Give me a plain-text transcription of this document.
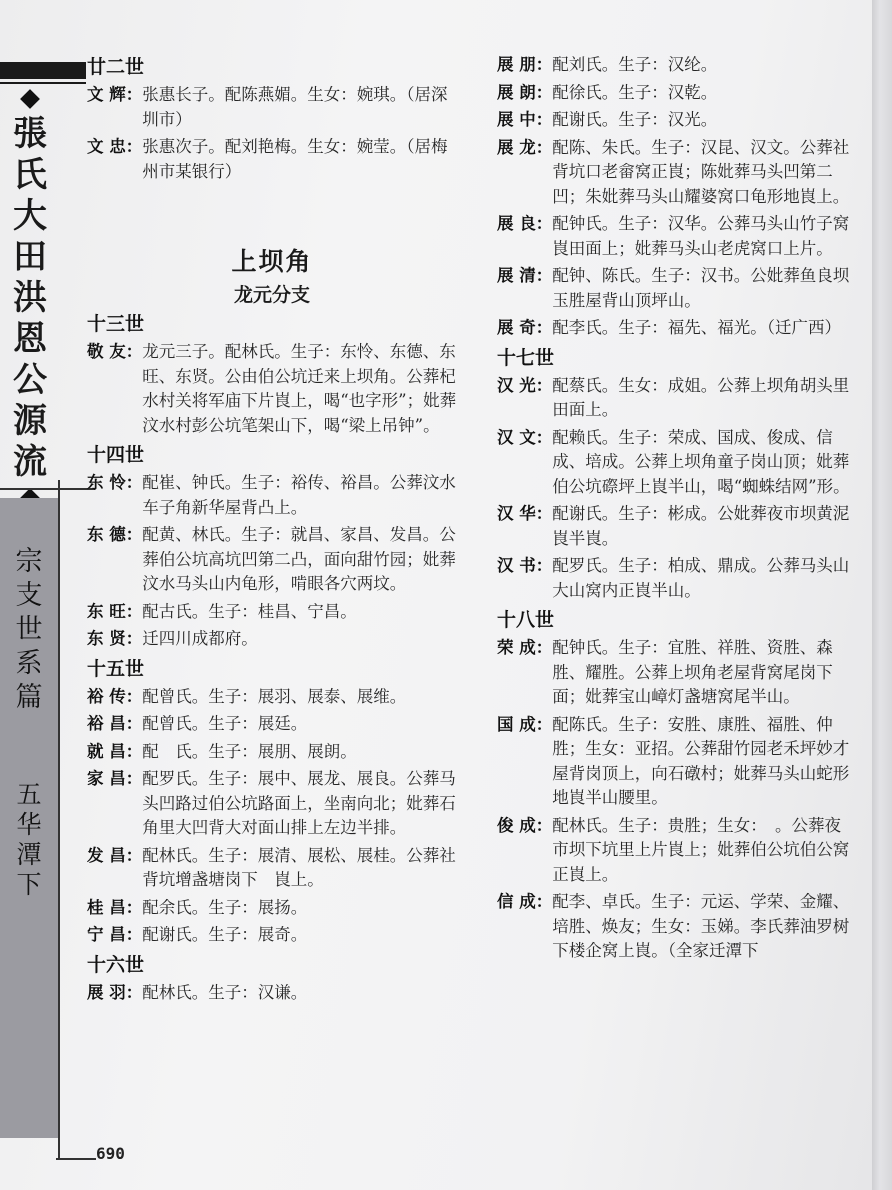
張
氏
大
田
洪
恩
公
源
流
宗
支
世
系
篇
五
华
潭
下
690
廿二世
文 辉： 张惠长子。配陈燕媚。生女：婉琪。（居深圳市）
文 忠： 张惠次子。配刘艳梅。生女：婉莹。（居梅州市某银行）
上坝角
龙元分支
十三世
敬 友： 龙元三子。配林氏。生子：东怜、东德、东旺、东贤。公由伯公坑迁来上坝角。公葬杞水村关将军庙下片崀上，喝“也字形”；妣葬汶水村彭公坑笔架山下，喝“梁上吊钟”。
十四世
东 怜： 配崔、钟氏。生子：裕传、裕昌。公葬汶水车子角新华屋背凸上。
东 德： 配黄、林氏。生子：就昌、家昌、发昌。公葬伯公坑高坑凹第二凸，面向甜竹园；妣葬汶水马头山内龟形，啃眼各穴两坟。
东 旺： 配古氏。生子：桂昌、宁昌。
东 贤： 迁四川成都府。
十五世
裕 传： 配曾氏。生子：展羽、展泰、展维。
裕 昌： 配曾氏。生子：展廷。
就 昌： 配　氏。生子：展朋、展朗。
家 昌： 配罗氏。生子：展中、展龙、展良。公葬马头凹路过伯公坑路面上，坐南向北；妣葬石角里大凹背大对面山排上左边半排。
发 昌： 配林氏。生子：展清、展松、展桂。公葬社背坑增盏塘岗下　崀上。
桂 昌： 配余氏。生子：展扬。
宁 昌： 配谢氏。生子：展奇。
十六世
展 羽： 配林氏。生子：汉谦。
展 朋： 配刘氏。生子：汉纶。
展 朗： 配徐氏。生子：汉乾。
展 中： 配谢氏。生子：汉光。
展 龙： 配陈、朱氏。生子：汉昆、汉文。公葬社背坑口老畲窝正崀；陈妣葬马头凹第二凹；朱妣葬马头山耀婆窝口龟形地崀上。
展 良： 配钟氏。生子：汉华。公葬马头山竹子窝崀田面上；妣葬马头山老虎窝口上片。
展 清： 配钟、陈氏。生子：汉书。公妣葬鱼良坝玉胜屋背山顶坪山。
展 奇： 配李氏。生子：福先、福光。（迁广西）
十七世
汉 光： 配蔡氏。生女：成姐。公葬上坝角胡头里田面上。
汉 文： 配赖氏。生子：荣成、国成、俊成、信成、培成。公葬上坝角童子岗山顶；妣葬伯公坑磜坪上崀半山，喝“蜘蛛结网”形。
汉 华： 配谢氏。生子：彬成。公妣葬夜市坝黄泥崀半崀。
汉 书： 配罗氏。生子：柏成、鼎成。公葬马头山大山窝内正崀半山。
十八世
荣 成： 配钟氏。生子：宜胜、祥胜、资胜、森胜、耀胜。公葬上坝角老屋背窝尾岗下面；妣葬宝山嶂灯盏塘窝尾半山。
国 成： 配陈氏。生子：安胜、康胜、福胜、仲胜；生女：亚招。公葬甜竹园老禾坪妙才屋背岗顶上，向石礅村；妣葬马头山蛇形地崀半山腰里。
俊 成： 配林氏。生子：贵胜；生女：　。公葬夜市坝下坑里上片崀上；妣葬伯公坑伯公窝正崀上。
信 成： 配李、卓氏。生子：元运、学荣、金耀、培胜、焕友；生女：玉娣。李氏葬油罗树下楼企窝上崀。（全家迁潭下
